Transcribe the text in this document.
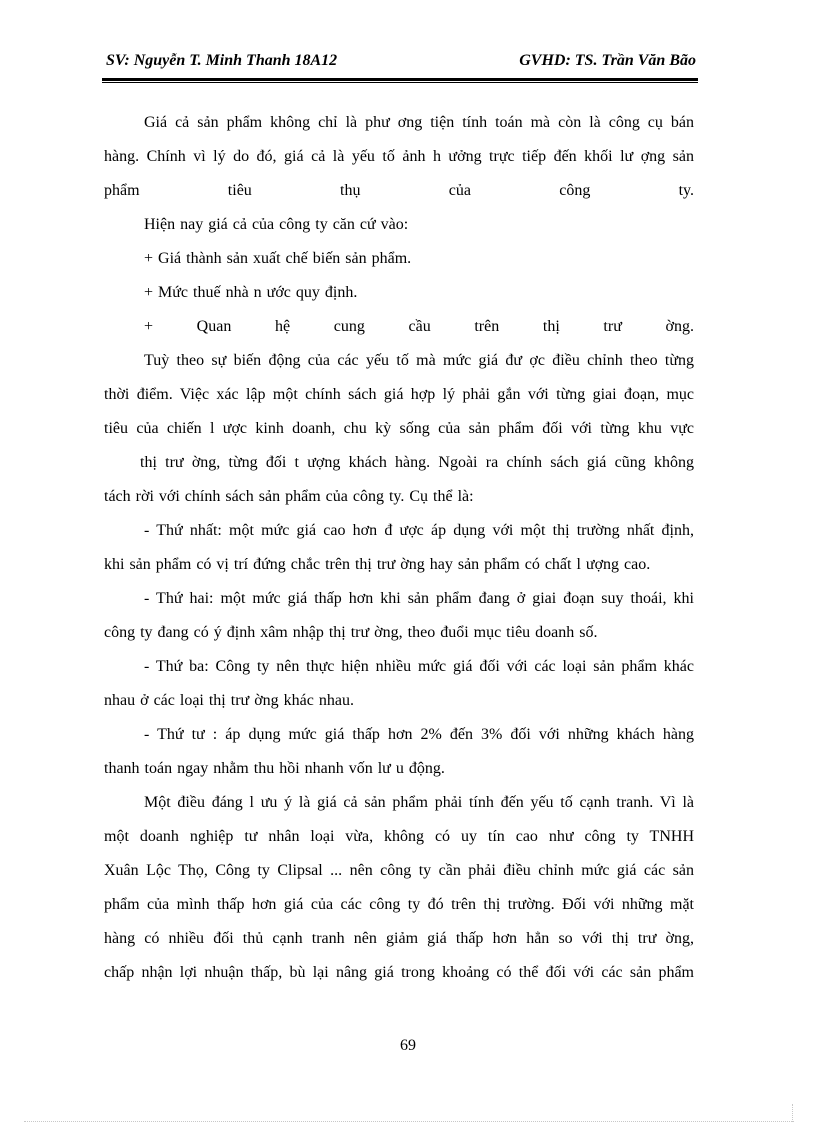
SV: Nguyễn T. Minh Thanh 18A12	GVHD: TS. Trần Văn Bão
Giá cả sản phẩm không chỉ là phư ơng tiện tính toán mà còn là công cụ bán
hàng. Chính vì lý do đó, giá cả là yếu tố ảnh h ưởng trực tiếp đến khối lư ợng sản
phẩm tiêu thụ của công ty.
Hiện nay giá cả của công ty căn cứ vào:
+ Giá thành sản xuất chế biến sản phẩm.
+ Mức thuế nhà n ước quy định.
+ Quan hệ cung cầu trên thị trư ờng.
Tuỳ theo sự biến động của các yếu tố mà mức giá đư ợc điều chỉnh theo từng
thời điểm. Việc xác lập một chính sách giá hợp lý phải gắn với từng giai đoạn, mục
tiêu của chiến l ược kinh doanh, chu kỳ sống của sản phẩm đối với từng khu vực
thị trư ờng, từng đối t ượng khách hàng. Ngoài ra chính sách giá cũng không
tách rời với chính sách sản phẩm của công ty. Cụ thể là:
- Thứ nhất: một mức giá cao hơn đ ược áp dụng với một thị trường nhất định,
khi sản phẩm có vị trí đứng chắc trên thị trư ờng hay sản phẩm có chất l ượng cao.
- Thứ hai: một mức giá thấp hơn khi sản phẩm đang ở giai đoạn suy thoái, khi
công ty đang có ý định xâm nhập thị trư ờng, theo đuổi mục tiêu doanh số.
- Thứ ba: Công ty nên thực hiện nhiều mức giá đối với các loại sản phẩm khác
nhau ở các loại thị trư ờng khác nhau.
- Thứ tư : áp dụng mức giá thấp hơn 2% đến 3% đối với những khách hàng
thanh toán ngay nhằm thu hồi nhanh vốn lư u động.
Một điều đáng l ưu ý là giá cả sản phẩm phải tính đến yếu tố cạnh tranh. Vì là
một doanh nghiệp tư nhân loại vừa, không có uy tín cao như công ty TNHH
Xuân Lộc Thọ, Công ty Clipsal ... nên công ty cần phải điều chỉnh mức giá các sản
phẩm của mình thấp hơn giá của các công ty đó trên thị trường. Đối với những mặt
hàng có nhiều đối thủ cạnh tranh nên giảm giá thấp hơn hẳn so với thị trư ờng,
chấp nhận lợi nhuận thấp, bù lại nâng giá trong khoảng có thể đối với các sản phẩm
69
